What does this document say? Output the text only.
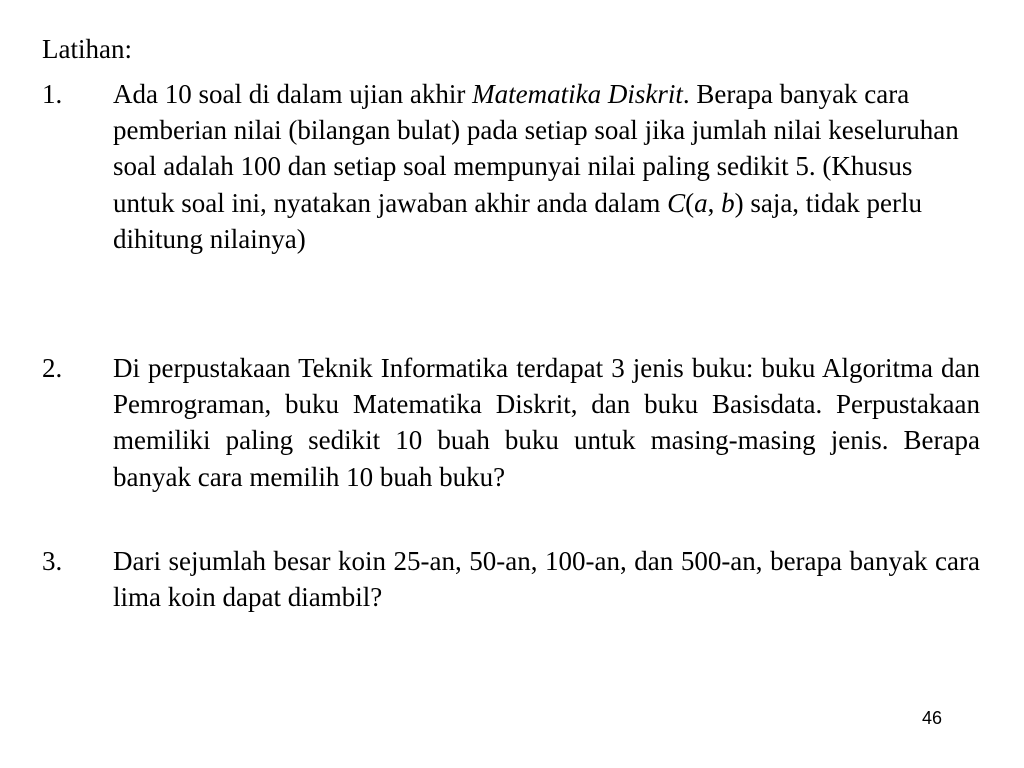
Latihan:
1.	Ada 10 soal di dalam ujian akhir Matematika Diskrit. Berapa banyak cara pemberian nilai (bilangan bulat) pada setiap soal jika jumlah nilai keseluruhan soal adalah 100 dan setiap soal mempunyai nilai paling sedikit 5. (Khusus untuk soal ini, nyatakan jawaban akhir anda dalam C(a, b) saja, tidak perlu dihitung nilainya)
2.	Di perpustakaan Teknik Informatika terdapat 3 jenis buku: buku Algoritma dan Pemrograman, buku Matematika Diskrit, dan buku Basisdata. Perpustakaan memiliki paling sedikit 10 buah buku untuk masing-masing jenis. Berapa banyak cara memilih 10 buah buku?
3.	Dari sejumlah besar koin 25-an, 50-an, 100-an, dan 500-an, berapa banyak cara lima koin dapat diambil?
46
